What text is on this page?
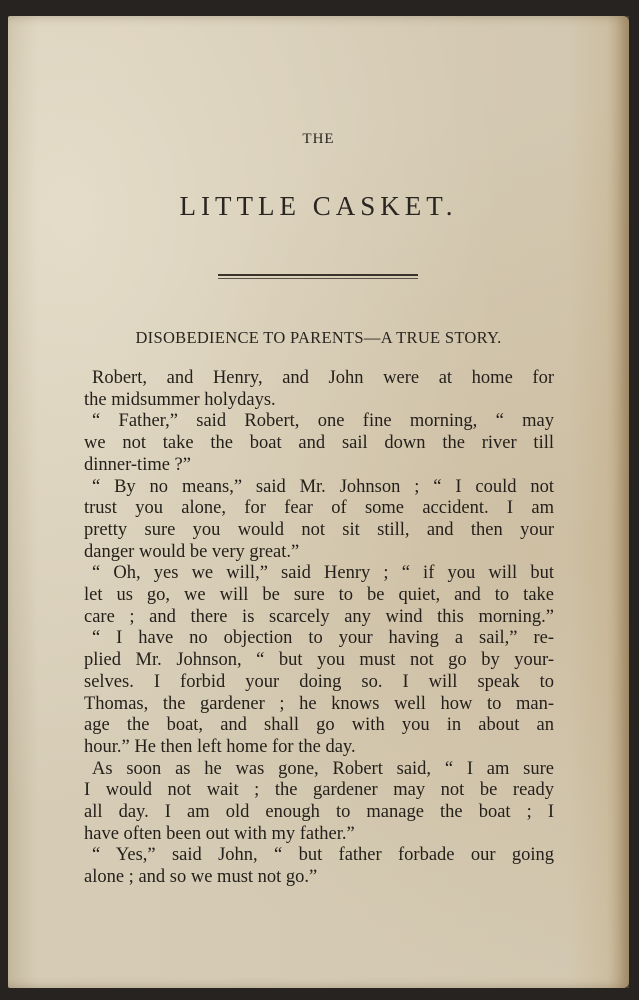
THE
LITTLE CASKET.
DISOBEDIENCE TO PARENTS—A TRUE STORY.
Robert, and Henry, and John were at home for
the midsummer holydays.
“ Father,” said Robert, one fine morning, “ may
we not take the boat and sail down the river till
dinner-time ?”
“ By no means,” said Mr. Johnson ; “ I could not
trust you alone, for fear of some accident. I am
pretty sure you would not sit still, and then your
danger would be very great.”
“ Oh, yes we will,” said Henry ; “ if you will but
let us go, we will be sure to be quiet, and to take
care ; and there is scarcely any wind this morning.”
“ I have no objection to your having a sail,” re-
plied Mr. Johnson, “ but you must not go by your-
selves. I forbid your doing so. I will speak to
Thomas, the gardener ; he knows well how to man-
age the boat, and shall go with you in about an
hour.” He then left home for the day.
As soon as he was gone, Robert said, “ I am sure
I would not wait ; the gardener may not be ready
all day. I am old enough to manage the boat ; I
have often been out with my father.”
“ Yes,” said John, “ but father forbade our going
alone ; and so we must not go.”
